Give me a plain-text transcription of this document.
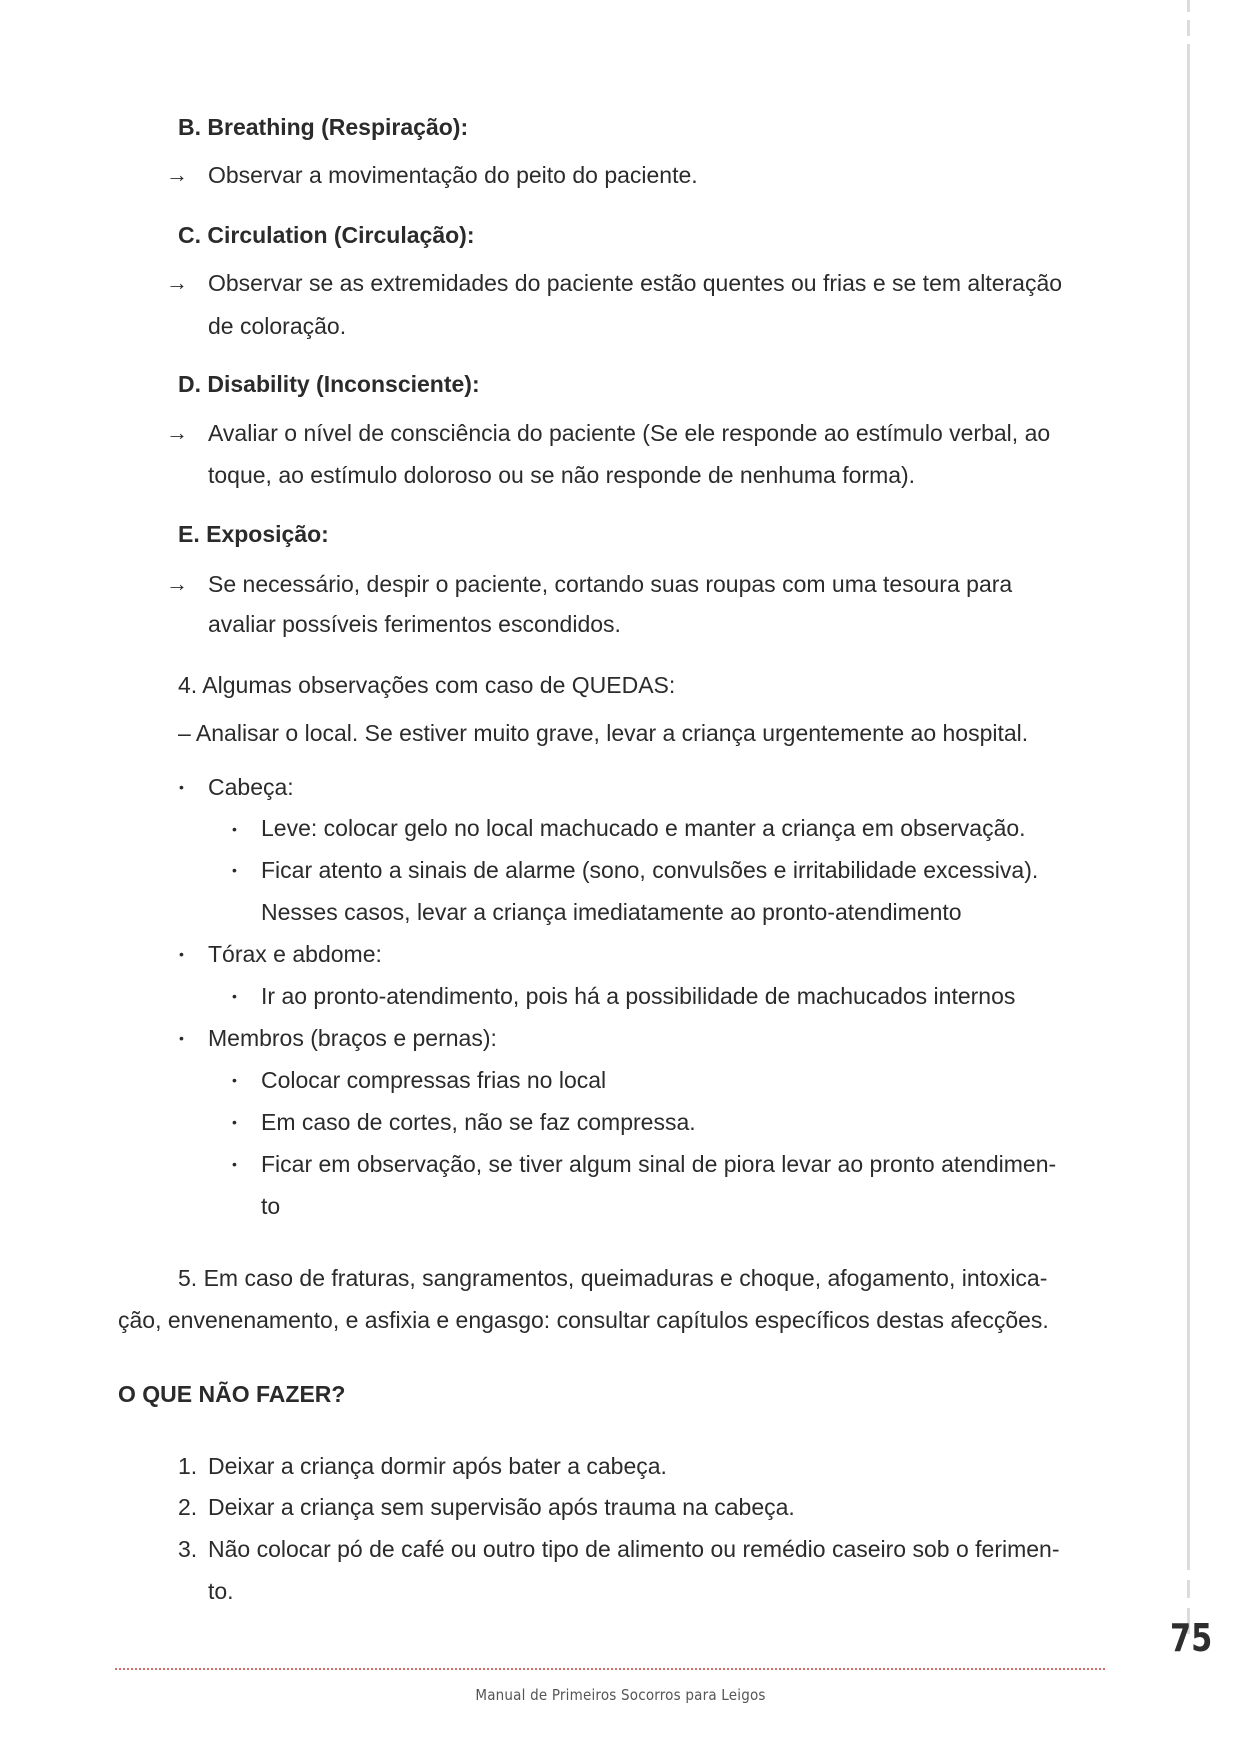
B. Breathing (Respiração):
→ Observar a movimentação do peito do paciente.
C. Circulation (Circulação):
→ Observar se as extremidades do paciente estão quentes ou frias e se tem alteração
de coloração.
D. Disability (Inconsciente):
→ Avaliar o nível de consciência do paciente (Se ele responde ao estímulo verbal, ao
toque, ao estímulo doloroso ou se não responde de nenhuma forma).
E. Exposição:
→ Se necessário, despir o paciente, cortando suas roupas com uma tesoura para
avaliar possíveis ferimentos escondidos.
4. Algumas observações com caso de QUEDAS:
– Analisar o local. Se estiver muito grave, levar a criança urgentemente ao hospital.
• Cabeça:
• Leve: colocar gelo no local machucado e manter a criança em observação.
• Ficar atento a sinais de alarme (sono, convulsões e irritabilidade excessiva).
Nesses casos, levar a criança imediatamente ao pronto-atendimento
• Tórax e abdome:
• Ir ao pronto-atendimento, pois há a possibilidade de machucados internos
• Membros (braços e pernas):
• Colocar compressas frias no local
• Em caso de cortes, não se faz compressa.
• Ficar em observação, se tiver algum sinal de piora levar ao pronto atendimen-
to
5. Em caso de fraturas, sangramentos, queimaduras e choque, afogamento, intoxica-
ção, envenenamento, e asfixia e engasgo: consultar capítulos específicos destas afecções.
O QUE NÃO FAZER?
1. Deixar a criança dormir após bater a cabeça.
2. Deixar a criança sem supervisão após trauma na cabeça.
3. Não colocar pó de café ou outro tipo de alimento ou remédio caseiro sob o ferimen-
to.
75
Manual de Primeiros Socorros para Leigos
